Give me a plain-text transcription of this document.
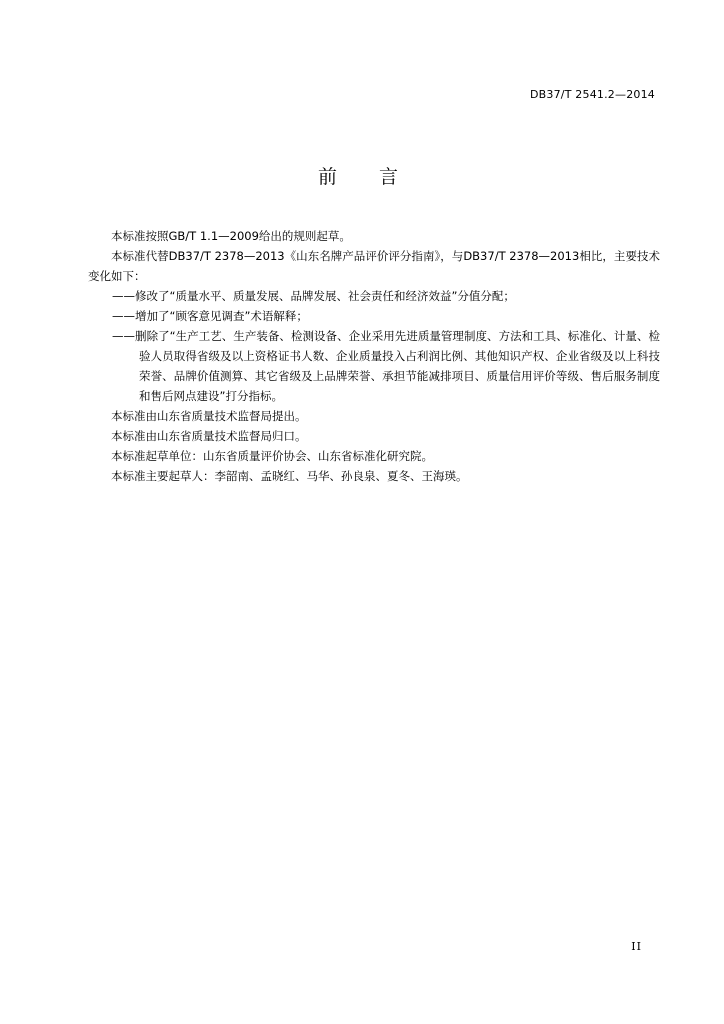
DB37/T 2541.2—2014
前 言

本标准按照GB/T 1.1—2009给出的规则起草。

本标准代替DB37/T 2378—2013《山东名牌产品评价评分指南》，与DB37/T 2378—2013相比，主要技术变化如下：

——修改了“质量水平、质量发展、品牌发展、社会责任和经济效益”分值分配；

——增加了“顾客意见调查”术语解释；

——删除了“生产工艺、生产装备、检测设备、企业采用先进质量管理制度、方法和工具、标准化、计量、检验人员取得省级及以上资格证书人数、企业质量投入占利润比例、其他知识产权、企业省级及以上科技荣誉、品牌价值测算、其它省级及上品牌荣誉、承担节能减排项目、质量信用评价等级、售后服务制度和售后网点建设”打分指标。

本标准由山东省质量技术监督局提出。

本标准由山东省质量技术监督局归口。

本标准起草单位：山东省质量评价协会、山东省标准化研究院。

本标准主要起草人：李韶南、孟晓红、马华、孙良泉、夏冬、王海瑛。

II
